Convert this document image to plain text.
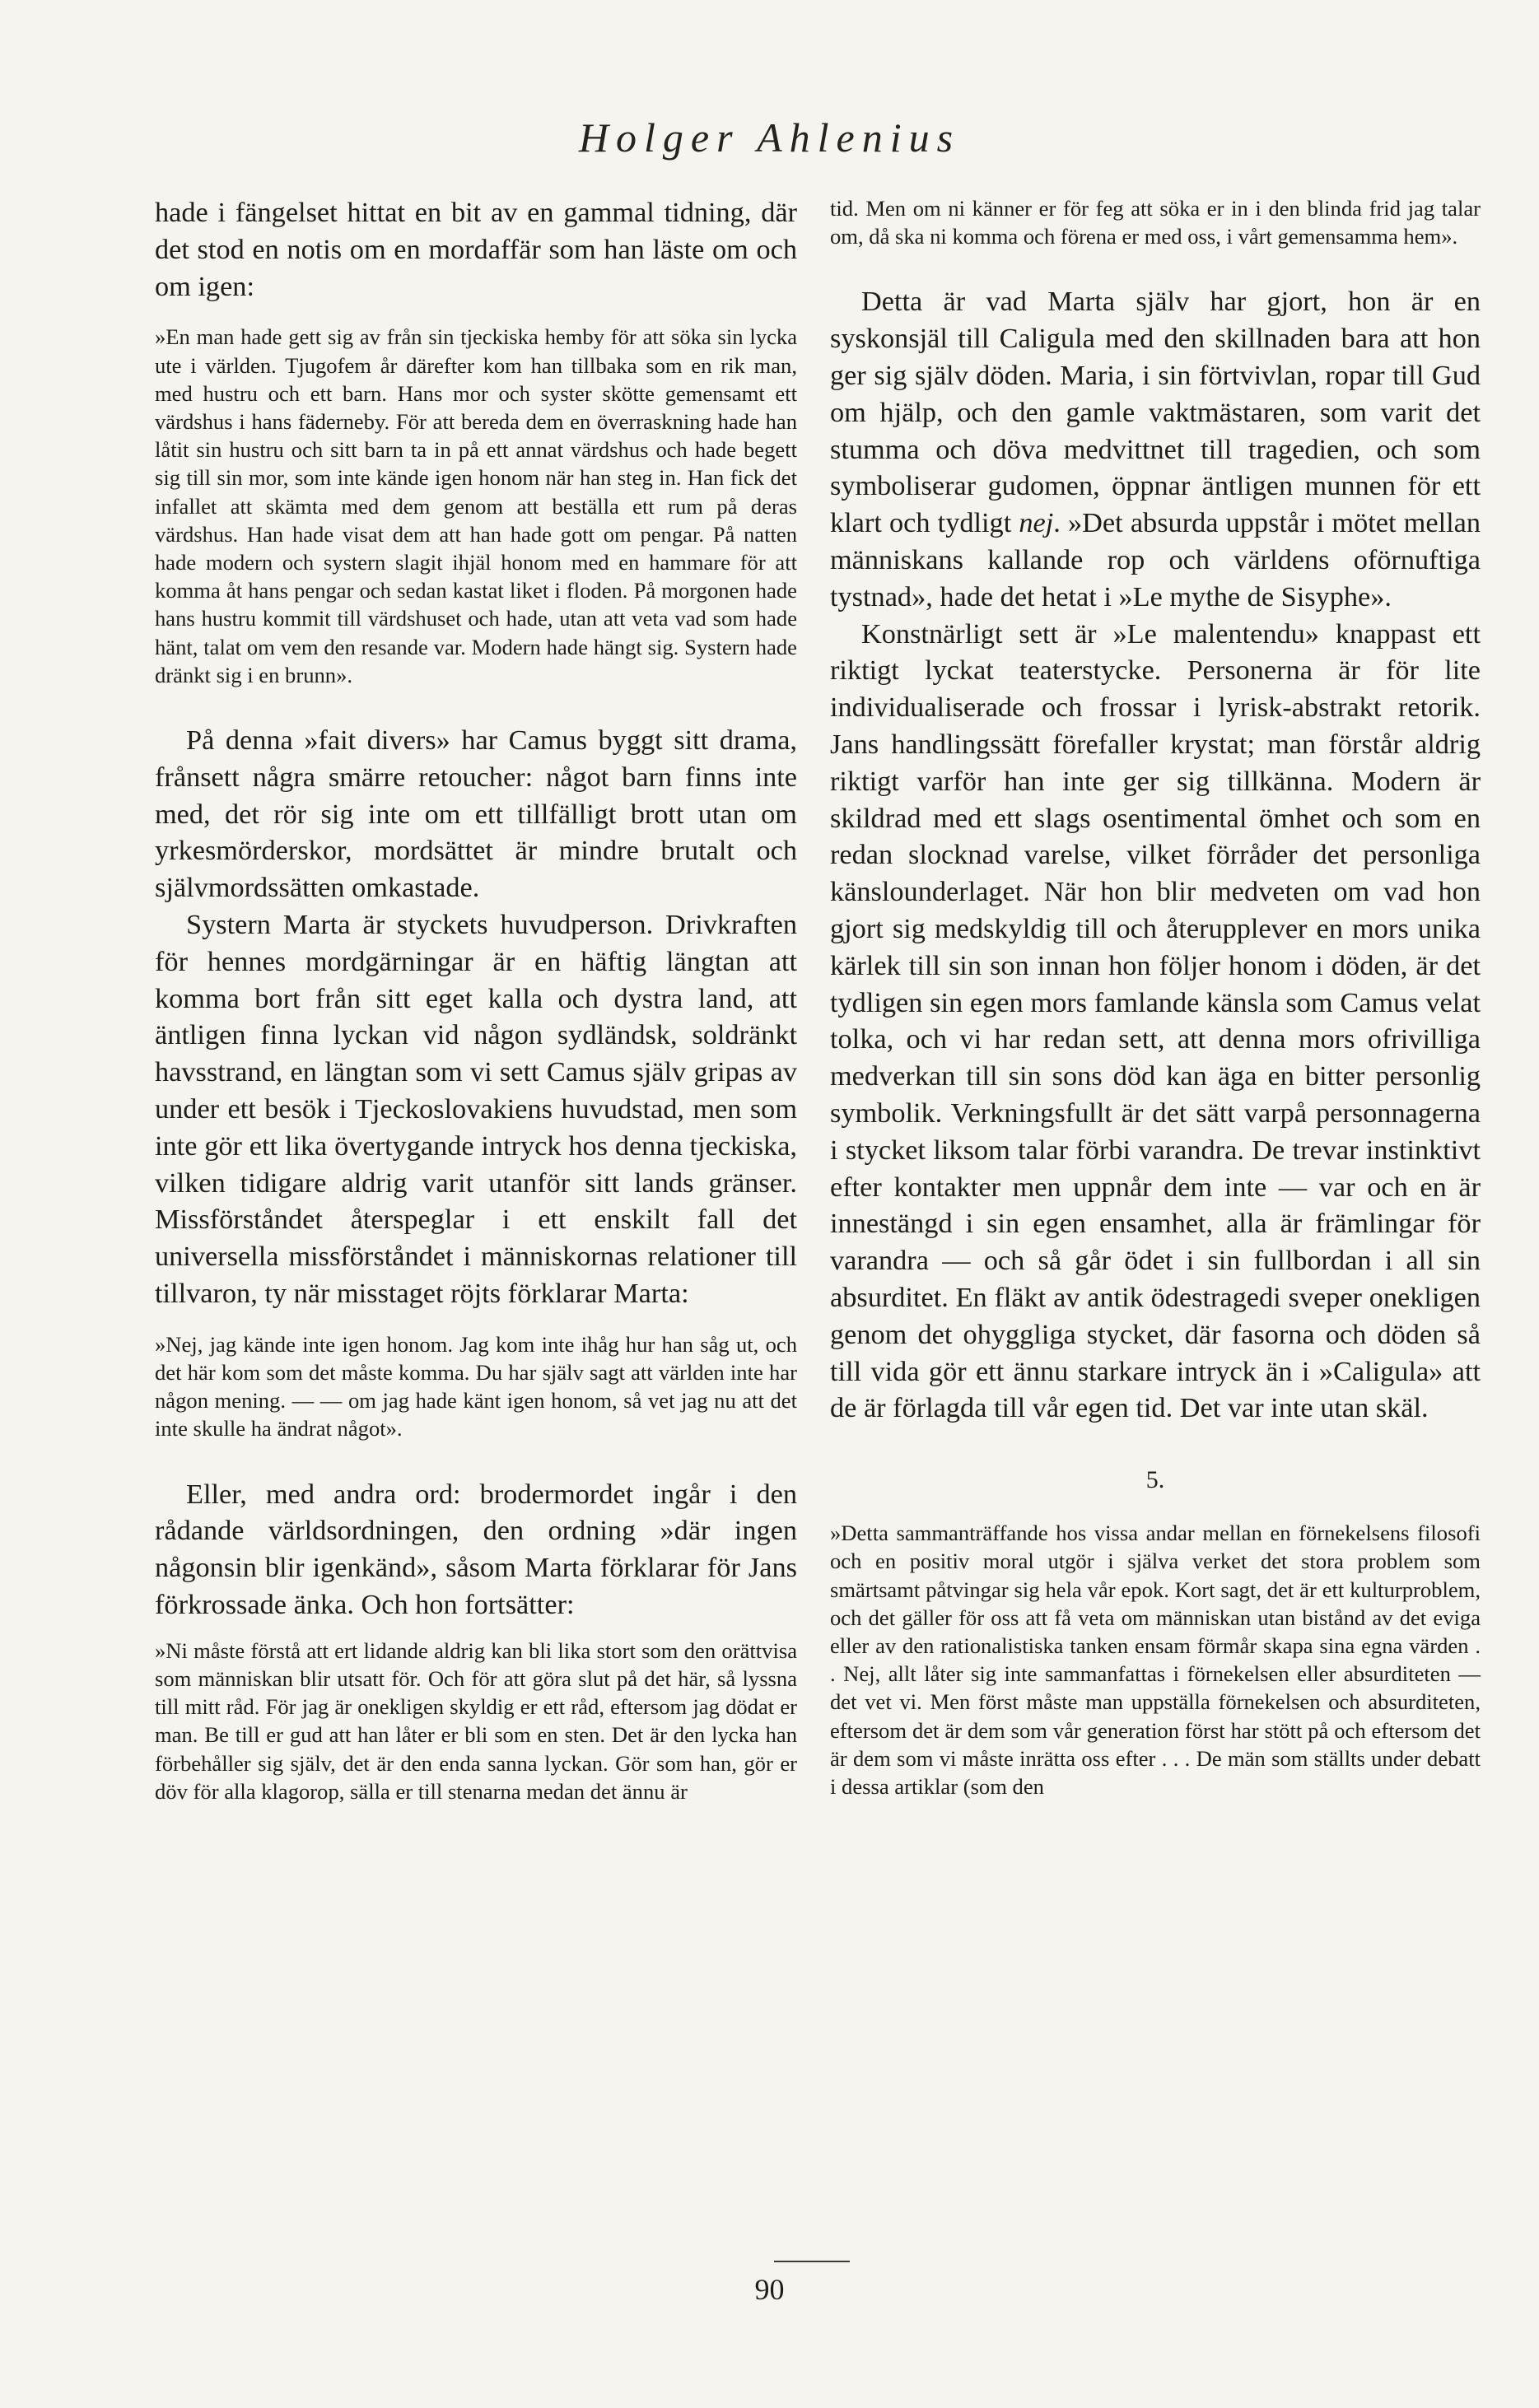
Holger Ahlenius

hade i fängelset hittat en bit av en gammal tidning, där det stod en notis om en mordaffär som han läste om och om igen:

»En man hade gett sig av från sin tjeckiska hemby för att söka sin lycka ute i världen. Tjugofem år därefter kom han tillbaka som en rik man, med hustru och ett barn. Hans mor och syster skötte gemensamt ett värdshus i hans fäderneby. För att bereda dem en överraskning hade han låtit sin hustru och sitt barn ta in på ett annat värdshus och hade begett sig till sin mor, som inte kände igen honom när han steg in. Han fick det infallet att skämta med dem genom att beställa ett rum på deras värdshus. Han hade visat dem att han hade gott om pengar. På natten hade modern och systern slagit ihjäl honom med en hammare för att komma åt hans pengar och sedan kastat liket i floden. På morgonen hade hans hustru kommit till värdshuset och hade, utan att veta vad som hade hänt, talat om vem den resande var. Modern hade hängt sig. Systern hade dränkt sig i en brunn».

På denna »fait divers» har Camus byggt sitt drama, frånsett några smärre retoucher: något barn finns inte med, det rör sig inte om ett tillfälligt brott utan om yrkesmörderskor, mordsättet är mindre brutalt och självmordssätten omkastade.

Systern Marta är styckets huvudperson. Drivkraften för hennes mordgärningar är en häftig längtan att komma bort från sitt eget kalla och dystra land, att äntligen finna lyckan vid någon sydländsk, soldränkt havsstrand, en längtan som vi sett Camus själv gripas av under ett besök i Tjeckoslovakiens huvudstad, men som inte gör ett lika övertygande intryck hos denna tjeckiska, vilken tidigare aldrig varit utanför sitt lands gränser. Missförståndet återspeglar i ett enskilt fall det universella missförståndet i människornas relationer till tillvaron, ty när misstaget röjts förklarar Marta:

»Nej, jag kände inte igen honom. Jag kom inte ihåg hur han såg ut, och det här kom som det måste komma. Du har själv sagt att världen inte har någon mening. — — om jag hade känt igen honom, så vet jag nu att det inte skulle ha ändrat något».

Eller, med andra ord: brodermordet ingår i den rådande världsordningen, den ordning »där ingen någonsin blir igenkänd», såsom Marta förklarar för Jans förkrossade änka. Och hon fortsätter:

»Ni måste förstå att ert lidande aldrig kan bli lika stort som den orättvisa som människan blir utsatt för. Och för att göra slut på det här, så lyssna till mitt råd. För jag är onekligen skyldig er ett råd, eftersom jag dödat er man. Be till er gud att han låter er bli som en sten. Det är den lycka han förbehåller sig själv, det är den enda sanna lyckan. Gör som han, gör er döv för alla klagorop, sälla er till stenarna medan det ännu är

tid. Men om ni känner er för feg att söka er in i den blinda frid jag talar om, då ska ni komma och förena er med oss, i vårt gemensamma hem».

Detta är vad Marta själv har gjort, hon är en syskonsjäl till Caligula med den skillnaden bara att hon ger sig själv döden. Maria, i sin förtvivlan, ropar till Gud om hjälp, och den gamle vaktmästaren, som varit det stumma och döva medvittnet till tragedien, och som symboliserar gudomen, öppnar äntligen munnen för ett klart och tydligt nej. »Det absurda uppstår i mötet mellan människans kallande rop och världens oförnuftiga tystnad», hade det hetat i »Le mythe de Sisyphe».

Konstnärligt sett är »Le malentendu» knappast ett riktigt lyckat teaterstycke. Personerna är för lite individualiserade och frossar i lyrisk-abstrakt retorik. Jans handlingssätt förefaller krystat; man förstår aldrig riktigt varför han inte ger sig tillkänna. Modern är skildrad med ett slags osentimental ömhet och som en redan slocknad varelse, vilket förråder det personliga känslounderlaget. När hon blir medveten om vad hon gjort sig medskyldig till och återupplever en mors unika kärlek till sin son innan hon följer honom i döden, är det tydligen sin egen mors famlande känsla som Camus velat tolka, och vi har redan sett, att denna mors ofrivilliga medverkan till sin sons död kan äga en bitter personlig symbolik. Verkningsfullt är det sätt varpå personnagerna i stycket liksom talar förbi varandra. De trevar instinktivt efter kontakter men uppnår dem inte — var och en är innestängd i sin egen ensamhet, alla är främlingar för varandra — och så går ödet i sin fullbordan i all sin absurditet. En fläkt av antik ödestragedi sveper onekligen genom det ohyggliga stycket, där fasorna och döden så till vida gör ett ännu starkare intryck än i »Caligula» att de är förlagda till vår egen tid. Det var inte utan skäl.

5.

»Detta sammanträffande hos vissa andar mellan en förnekelsens filosofi och en positiv moral utgör i själva verket det stora problem som smärtsamt påtvingar sig hela vår epok. Kort sagt, det är ett kulturproblem, och det gäller för oss att få veta om människan utan bistånd av det eviga eller av den rationalistiska tanken ensam förmår skapa sina egna värden . . Nej, allt låter sig inte sammanfattas i förnekelsen eller absurditeten — det vet vi. Men först måste man uppställa förnekelsen och absurditeten, eftersom det är dem som vår generation först har stött på och eftersom det är dem som vi måste inrätta oss efter . . . De män som ställts under debatt i dessa artiklar (som den

90
